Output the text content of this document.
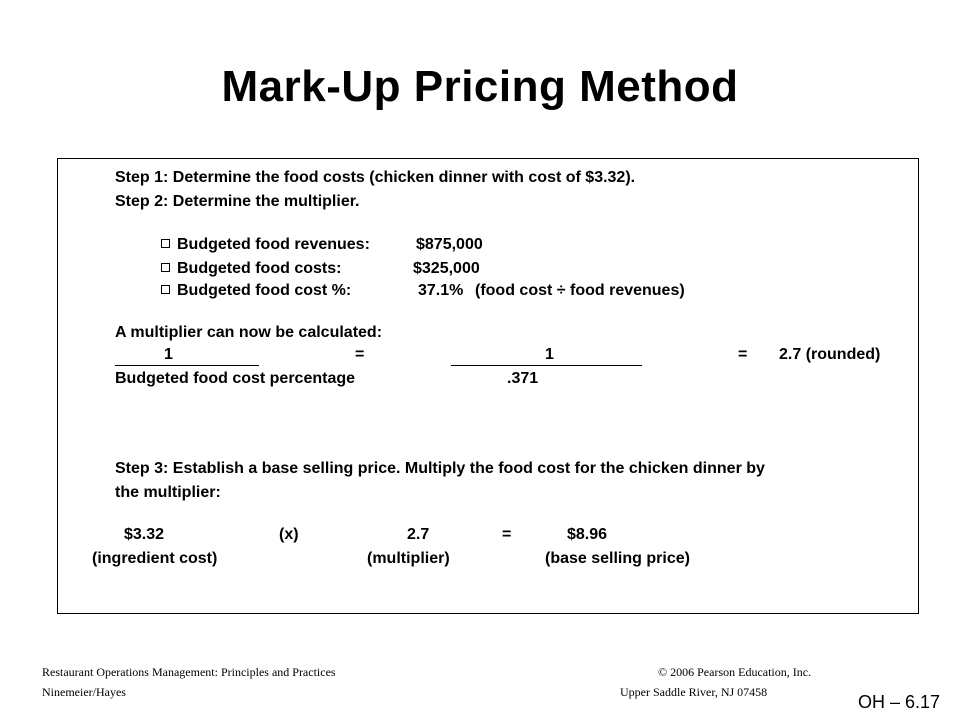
Mark-Up Pricing Method
Step 1: Determine the food costs (chicken dinner with cost of $3.32).
Step 2: Determine the multiplier.
Budgeted food revenues:	$875,000
Budgeted food costs:	$325,000
Budgeted food cost %:	37.1% (food cost ÷ food revenues)
A multiplier can now be calculated:
1	=	1	= 2.7 (rounded)
Budgeted food cost percentage	.371
Step 3: Establish a base selling price. Multiply the food cost for the chicken dinner by
the multiplier:
$3.32	(x)	2.7	=	$8.96
(ingredient cost)	(multiplier)	(base selling price)
Restaurant Operations Management: Principles and Practices
Ninemeier/Hayes
© 2006 Pearson Education, Inc.
Upper Saddle River, NJ 07458	OH – 6.17
